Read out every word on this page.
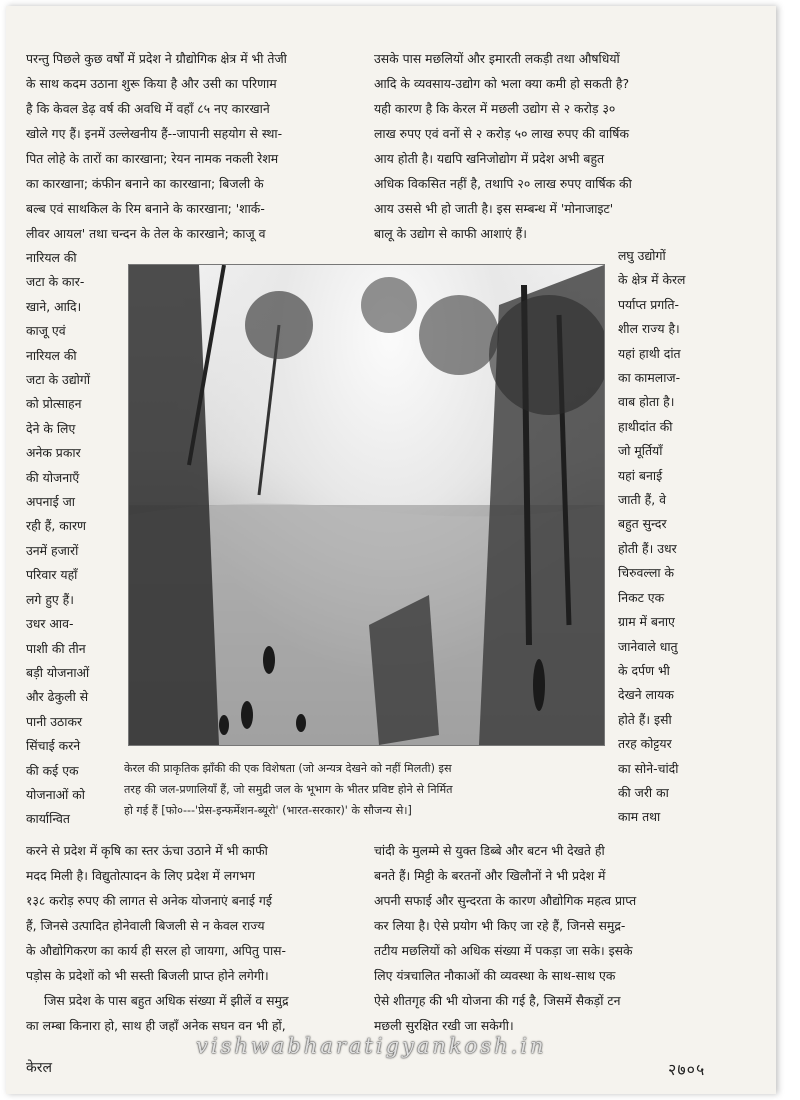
परन्तु पिछले कुछ वर्षों में प्रदेश ने ग्रौद्योगिक क्षेत्र में भी तेजी
के साथ कदम उठाना शुरू किया है और उसी का परिणाम
है कि केवल डेढ़ वर्ष की अवधि में वहाँ ८५ नए कारखाने
खोले गए हैं। इनमें उल्लेखनीय हैं--जापानी सहयोग से स्था-
पित लोहे के तारों का कारखाना; रेयन नामक नकली रेशम
का कारखाना; कंफीन बनाने का कारखाना; बिजली के
बल्ब एवं साथकिल के रिम बनाने के कारखाना; 'शार्क-
लीवर आयल' तथा चन्दन के तेल के कारखाने; काजू व
उसके पास मछलियों और इमारती लकड़ी तथा औषधियों
आदि के व्यवसाय-उद्योग को भला क्या कमी हो सकती है?
यही कारण है कि केरल में मछली उद्योग से २ करोड़ ३०
लाख रुपए एवं वनों से २ करोड़ ५० लाख रुपए की वार्षिक
आय होती है। यद्यपि खनिजोद्योग में प्रदेश अभी बहुत
अधिक विकसित नहीं है, तथापि २० लाख रुपए वार्षिक की
आय उससे भी हो जाती है। इस सम्बन्ध में 'मोनाजाइट'
बालू के उद्योग से काफी आशाएं हैं।
नारियल की
जटा के कार-
खाने, आदि।
काजू एवं
नारियल की
जटा के उद्योगों
को प्रोत्साहन
देने के लिए
अनेक प्रकार
की योजनाएँ
अपनाई जा
रही हैं, कारण
उनमें हजारों
परिवार यहाँ
लगे हुए हैं।
उधर आव-
पाशी की तीन
बड़ी योजनाओं
और ढेकुली से
पानी उठाकर
सिंचाई करने
की कई एक
योजनाओं को
कार्यान्वित
लघु उद्योगों
के क्षेत्र में केरल
पर्याप्त प्रगति-
शील राज्य है।
यहां हाथी दांत
का कामलाज-
वाब होता है।
हाथीदांत की
जो मूर्तियाँ
यहां बनाई
जाती हैं, वे
बहुत सुन्दर
होती हैं। उधर
चिरुवल्ला के
निकट एक
ग्राम में बनाए
जानेवाले धातु
के दर्पण भी
देखने लायक
होते हैं। इसी
तरह कोट्टयर
का सोने-चांदी
की जरी का
काम तथा
केरल की प्राकृतिक झाँकी की एक विशेषता (जो अन्यत्र देखने को नहीं मिलती) इस
तरह की जल-प्रणालियाँ हैं, जो समुद्री जल के भूभाग के भीतर प्रविष्ट होने से निर्मित
हो गई हैं [फो०---'प्रेस-इन्फर्मेशन-ब्यूरो' (भारत-सरकार)' के सौजन्य से।]
करने से प्रदेश में कृषि का स्तर ऊंचा उठाने में भी काफी
मदद मिली है। विद्युतोत्पादन के लिए प्रदेश में लगभग
१३८ करोड़ रुपए की लागत से अनेक योजनाएं बनाई गई
हैं, जिनसे उत्पादित होनेवाली बिजली से न केवल राज्य
के औद्योगिकरण का कार्य ही सरल हो जायगा, अपितु पास-
पड़ोस के प्रदेशों को भी सस्ती बिजली प्राप्त होने लगेगी।
जिस प्रदेश के पास बहुत अधिक संख्या में झीलें व समुद्र
का लम्बा किनारा हो, साथ ही जहाँ अनेक सघन वन भी हों,
चांदी के मुलम्मे से युक्त डिब्बे और बटन भी देखते ही
बनते हैं। मिट्टी के बरतनों और खिलौनों ने भी प्रदेश में
अपनी सफाई और सुन्दरता के कारण औद्योगिक महत्व प्राप्त
कर लिया है। ऐसे प्रयोग भी किए जा रहे हैं, जिनसे समुद्र-
तटीय मछलियों को अधिक संख्या में पकड़ा जा सके। इसके
लिए यंत्रचालित नौकाओं की व्यवस्था के साथ-साथ एक
ऐसे शीतगृह की भी योजना की गई है, जिसमें सैकड़ों टन
मछली सुरक्षित रखी जा सकेगी।
vishwabharatigyankosh.in
केरल	२७०५
